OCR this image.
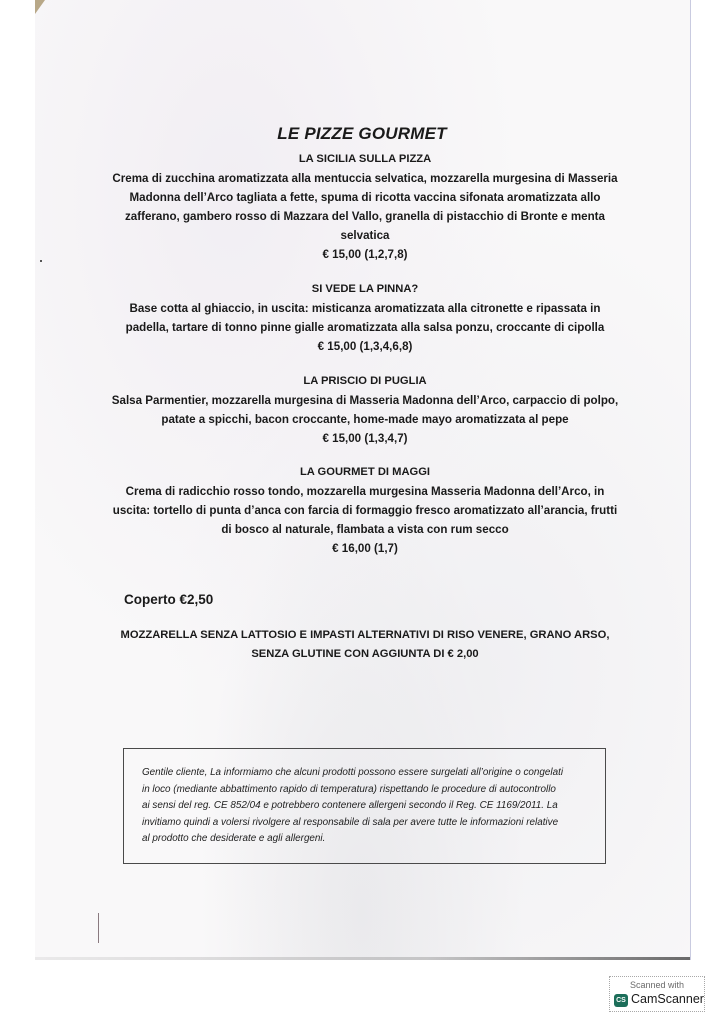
LE PIZZE GOURMET
LA SICILIA SULLA PIZZA
Crema di zucchina aromatizzata alla mentuccia selvatica, mozzarella murgesina di Masseria
Madonna dell’Arco tagliata a fette, spuma di ricotta vaccina sifonata aromatizzata allo
zafferano, gambero rosso di Mazzara del Vallo, granella di pistacchio di Bronte e menta
selvatica
€ 15,00 (1,2,7,8)
SI VEDE LA PINNA?
Base cotta al ghiaccio, in uscita: misticanza aromatizzata alla citronette e ripassata in
padella, tartare di tonno pinne gialle aromatizzata alla salsa ponzu, croccante di cipolla
€ 15,00 (1,3,4,6,8)
LA PRISCIO DI PUGLIA
Salsa Parmentier, mozzarella murgesina di Masseria Madonna dell’Arco, carpaccio di polpo,
patate a spicchi, bacon croccante, home-made mayo aromatizzata al pepe
€ 15,00 (1,3,4,7)
LA GOURMET DI MAGGI
Crema di radicchio rosso tondo, mozzarella murgesina Masseria Madonna dell’Arco, in
uscita: tortello di punta d’anca con farcia di formaggio fresco aromatizzato all’arancia, frutti
di bosco al naturale, flambata a vista con rum secco
€ 16,00 (1,7)
Coperto €2,50
MOZZARELLA SENZA LATTOSIO E IMPASTI ALTERNATIVI DI RISO VENERE, GRANO ARSO,
SENZA GLUTINE CON AGGIUNTA DI € 2,00
Gentile cliente, La informiamo che alcuni prodotti possono essere surgelati all’origine o congelati
in loco (mediante abbattimento rapido di temperatura) rispettando le procedure di autocontrollo
ai sensi del reg. CE 852/04 e potrebbero contenere allergeni secondo il Reg. CE 1169/2011. La
invitiamo quindi a volersi rivolgere al responsabile di sala per avere tutte le informazioni relative
al prodotto che desiderate e agli allergeni.
Scanned with
CS CamScanner
